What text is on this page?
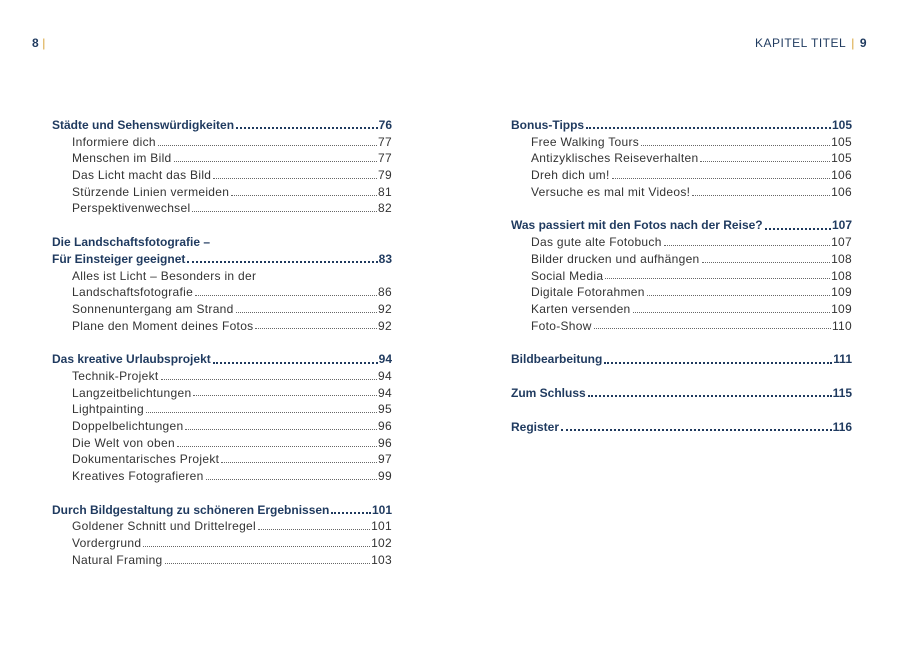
8 |	KAPITEL TITEL | 9
Städte und Sehenswürdigkeiten	76
Informiere dich	77
Menschen im Bild	77
Das Licht macht das Bild	79
Stürzende Linien vermeiden	81
Perspektivenwechsel	82
Die Landschaftsfotografie –
Für Einsteiger geeignet	83
Alles ist Licht – Besonders in der
Landschaftsfotografie	86
Sonnenuntergang am Strand	92
Plane den Moment deines Fotos	92
Das kreative Urlaubsprojekt	94
Technik-Projekt	94
Langzeitbelichtungen	94
Lightpainting	95
Doppelbelichtungen	96
Die Welt von oben	96
Dokumentarisches Projekt	97
Kreatives Fotografieren	99
Durch Bildgestaltung zu schöneren Ergebnissen	101
Goldener Schnitt und Drittelregel	101
Vordergrund	102
Natural Framing	103
Bonus-Tipps	105
Free Walking Tours	105
Antizyklisches Reiseverhalten	105
Dreh dich um!	106
Versuche es mal mit Videos!	106
Was passiert mit den Fotos nach der Reise?	107
Das gute alte Fotobuch	107
Bilder drucken und aufhängen	108
Social Media	108
Digitale Fotorahmen	109
Karten versenden	109
Foto-Show	110
Bildbearbeitung	111
Zum Schluss	115
Register	116
